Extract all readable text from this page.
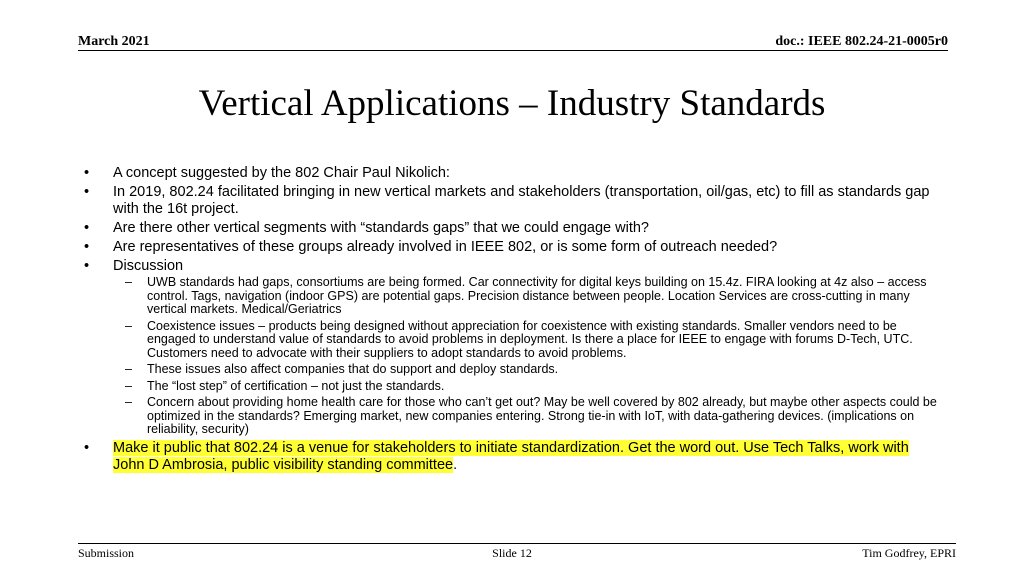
March 2021	doc.: IEEE 802.24-21-0005r0
Vertical Applications – Industry Standards
•	A concept suggested by the 802 Chair Paul Nikolich:
•	In 2019, 802.24 facilitated bringing in new vertical markets and stakeholders (transportation, oil/gas, etc) to fill as standards gap with the 16t project.
•	Are there other vertical segments with “standards gaps” that we could engage with?
•	Are representatives of these groups already involved in IEEE 802, or is some form of outreach needed?
•	Discussion
– UWB standards had gaps, consortiums are being formed. Car connectivity for digital keys building on 15.4z. FIRA looking at 4z also – access control. Tags, navigation (indoor GPS) are potential gaps. Precision distance between people. Location Services are cross-cutting in many vertical markets. Medical/Geriatrics
– Coexistence issues – products being designed without appreciation for coexistence with existing standards. Smaller vendors need to be engaged to understand value of standards to avoid problems in deployment. Is there a place for IEEE to engage with forums D-Tech, UTC. Customers need to advocate with their suppliers to adopt standards to avoid problems.
– These issues also affect companies that do support and deploy standards.
– The “lost step” of certification – not just the standards.
– Concern about providing home health care for those who can’t get out? May be well covered by 802 already, but maybe other aspects could be optimized in the standards? Emerging market, new companies entering. Strong tie-in with IoT, with data-gathering devices. (implications on reliability, security)
•	Make it public that 802.24 is a venue for stakeholders to initiate standardization. Get the word out. Use Tech Talks, work with John D Ambrosia, public visibility standing committee.
Submission	Slide 12	Tim Godfrey, EPRI
